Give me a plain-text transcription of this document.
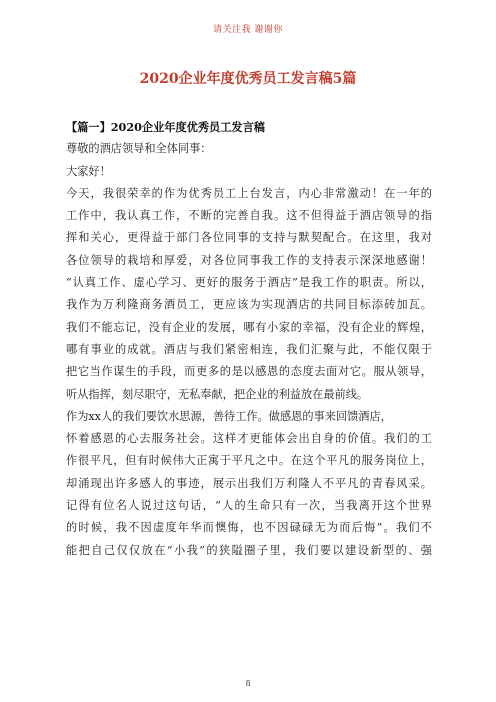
请关注我 谢谢你
2020企业年度优秀员工发言稿5篇
【篇一】2020企业年度优秀员工发言稿
尊敬的酒店领导和全体同事：
大家好！
今天，我很荣幸的作为优秀员工上台发言，内心非常激动！在一年的
工作中，我认真工作，不断的完善自我。这不但得益于酒店领导的指
挥和关心，更得益于部门各位同事的支持与默契配合。在这里，我对
各位领导的栽培和厚爱，对各位同事我工作的支持表示深深地感谢！
“认真工作、虚心学习、更好的服务于酒店”是我工作的职责。所以，
我作为万利隆商务酒员工，更应该为实现酒店的共同目标添砖加瓦。
我们不能忘记，没有企业的发展，哪有小家的幸福，没有企业的辉煌，
哪有事业的成就。酒店与我们紧密相连，我们汇聚与此，不能仅限于
把它当作谋生的手段，而更多的是以感恩的态度去面对它。服从领导，
听从指挥，刻尽职守，无私奉献，把企业的利益放在最前线。
作为xx人的我们要饮水思源，善待工作。做感恩的事来回馈酒店，
怀着感恩的心去服务社会。这样才更能体会出自身的价值。我们的工
作很平凡，但有时候伟大正寓于平凡之中。在这个平凡的服务岗位上，
却涌现出许多感人的事迹，展示出我们万利隆人不平凡的青春风采。
记得有位名人说过这句话，“人的生命只有一次，当我离开这个世界
的时候，我不因虚度年华而懊悔，也不因碌碌无为而后悔”。我们不
能把自己仅仅放在“小我”的狭隘圈子里，我们要以建设新型的、强
8
